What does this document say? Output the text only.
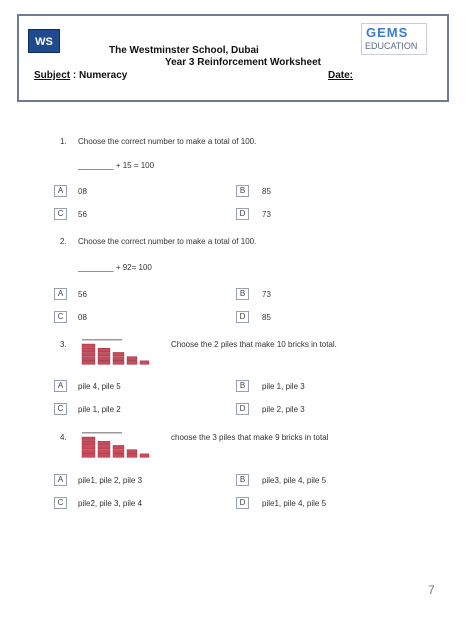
WS
GEMS
EDUCATION
The Westminster School, Dubai
Year 3 Reinforcement Worksheet
Subject : Numeracy	Date:
1. Choose the correct number to make a total of 100.
________ + 15 = 100
A	08	B	85
C	56	D	73
2. Choose the correct number to make a total of 100.
________ + 92= 100
A	56	B	73
C	08	D	85
3.	Choose the 2 piles that make 10 bricks in total.
A	pile 4, pile 5	B	pile 1, pile 3
C	pile 1, pile 2	D	pile 2, pile 3
4.	choose the 3 piles that make 9 bricks in total
A	pile1, pile 2, pile 3	B	pile3, pile 4, pile 5
C	pile2, pile 3, pile 4	D	pile1, pile 4, pile 5
7
